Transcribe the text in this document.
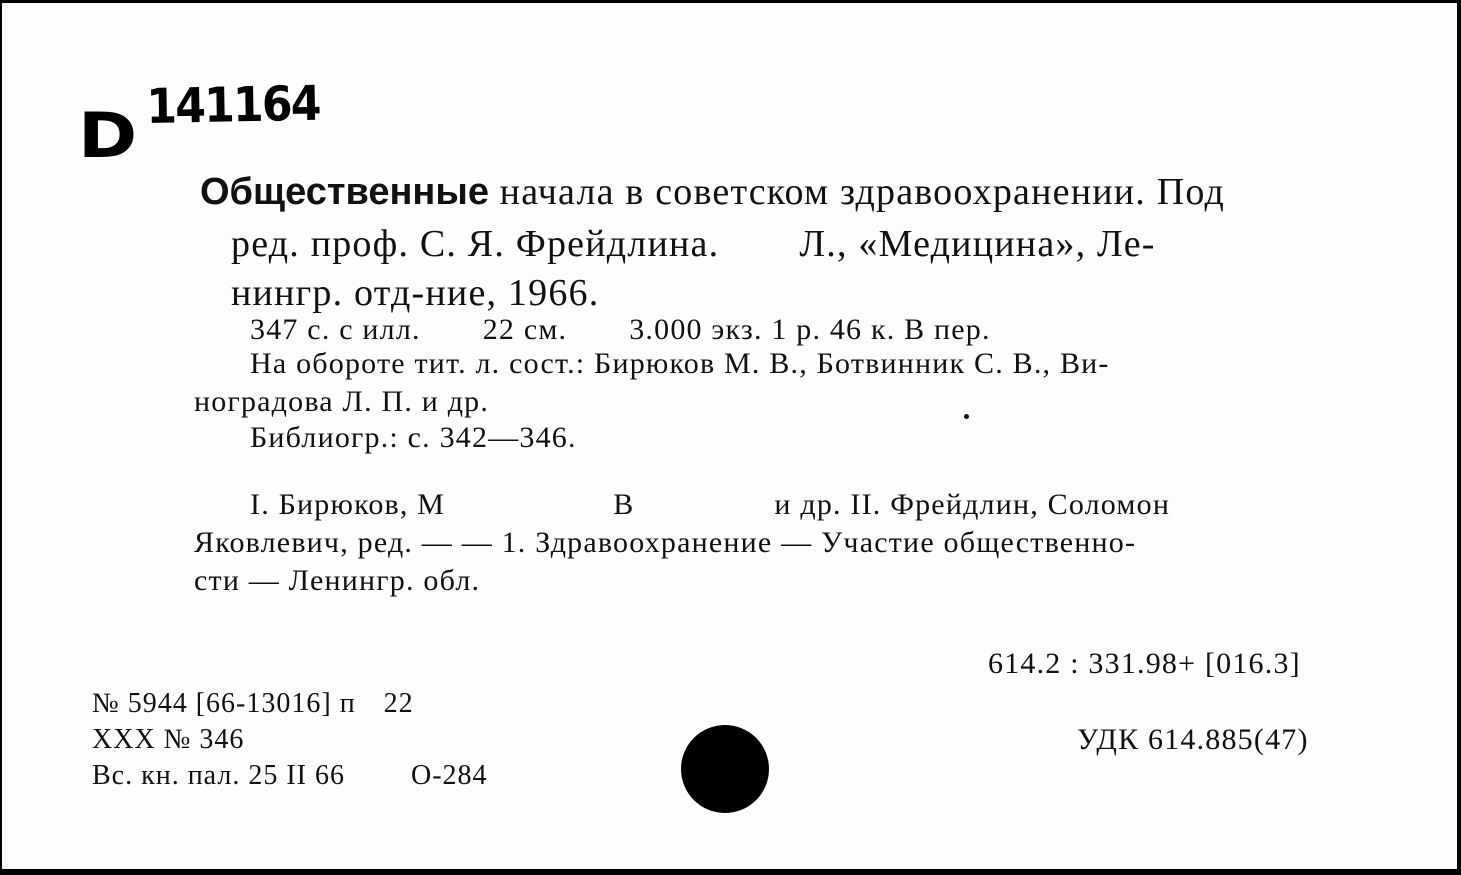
D 141164
Общественные начала в советском здравоохранении. Под
ред. проф. С. Я. Фрейдлина. Л., «Медицина», Ле-
нингр. отд-ние, 1966.
347 с. с илл. 22 см. 3.000 экз. 1 р. 46 к. В пер.
На обороте тит. л. сост.: Бирюков М. В., Ботвинник С. В., Ви-
ноградова Л. П. и др.
Библиогр.: с. 342—346.
I. Бирюков, М	В	и др. II. Фрейдлин, Соломон
Яковлевич, ред. — — 1. Здравоохранение — Участие общественно-
сти — Ленингр. обл.
614.2 : 331.98+ [016.3]
УДК 614.885(47)
№ 5944 [66-13016] п 22
XXX № 346
Вс. кн. пал. 25 II 66 О-284
